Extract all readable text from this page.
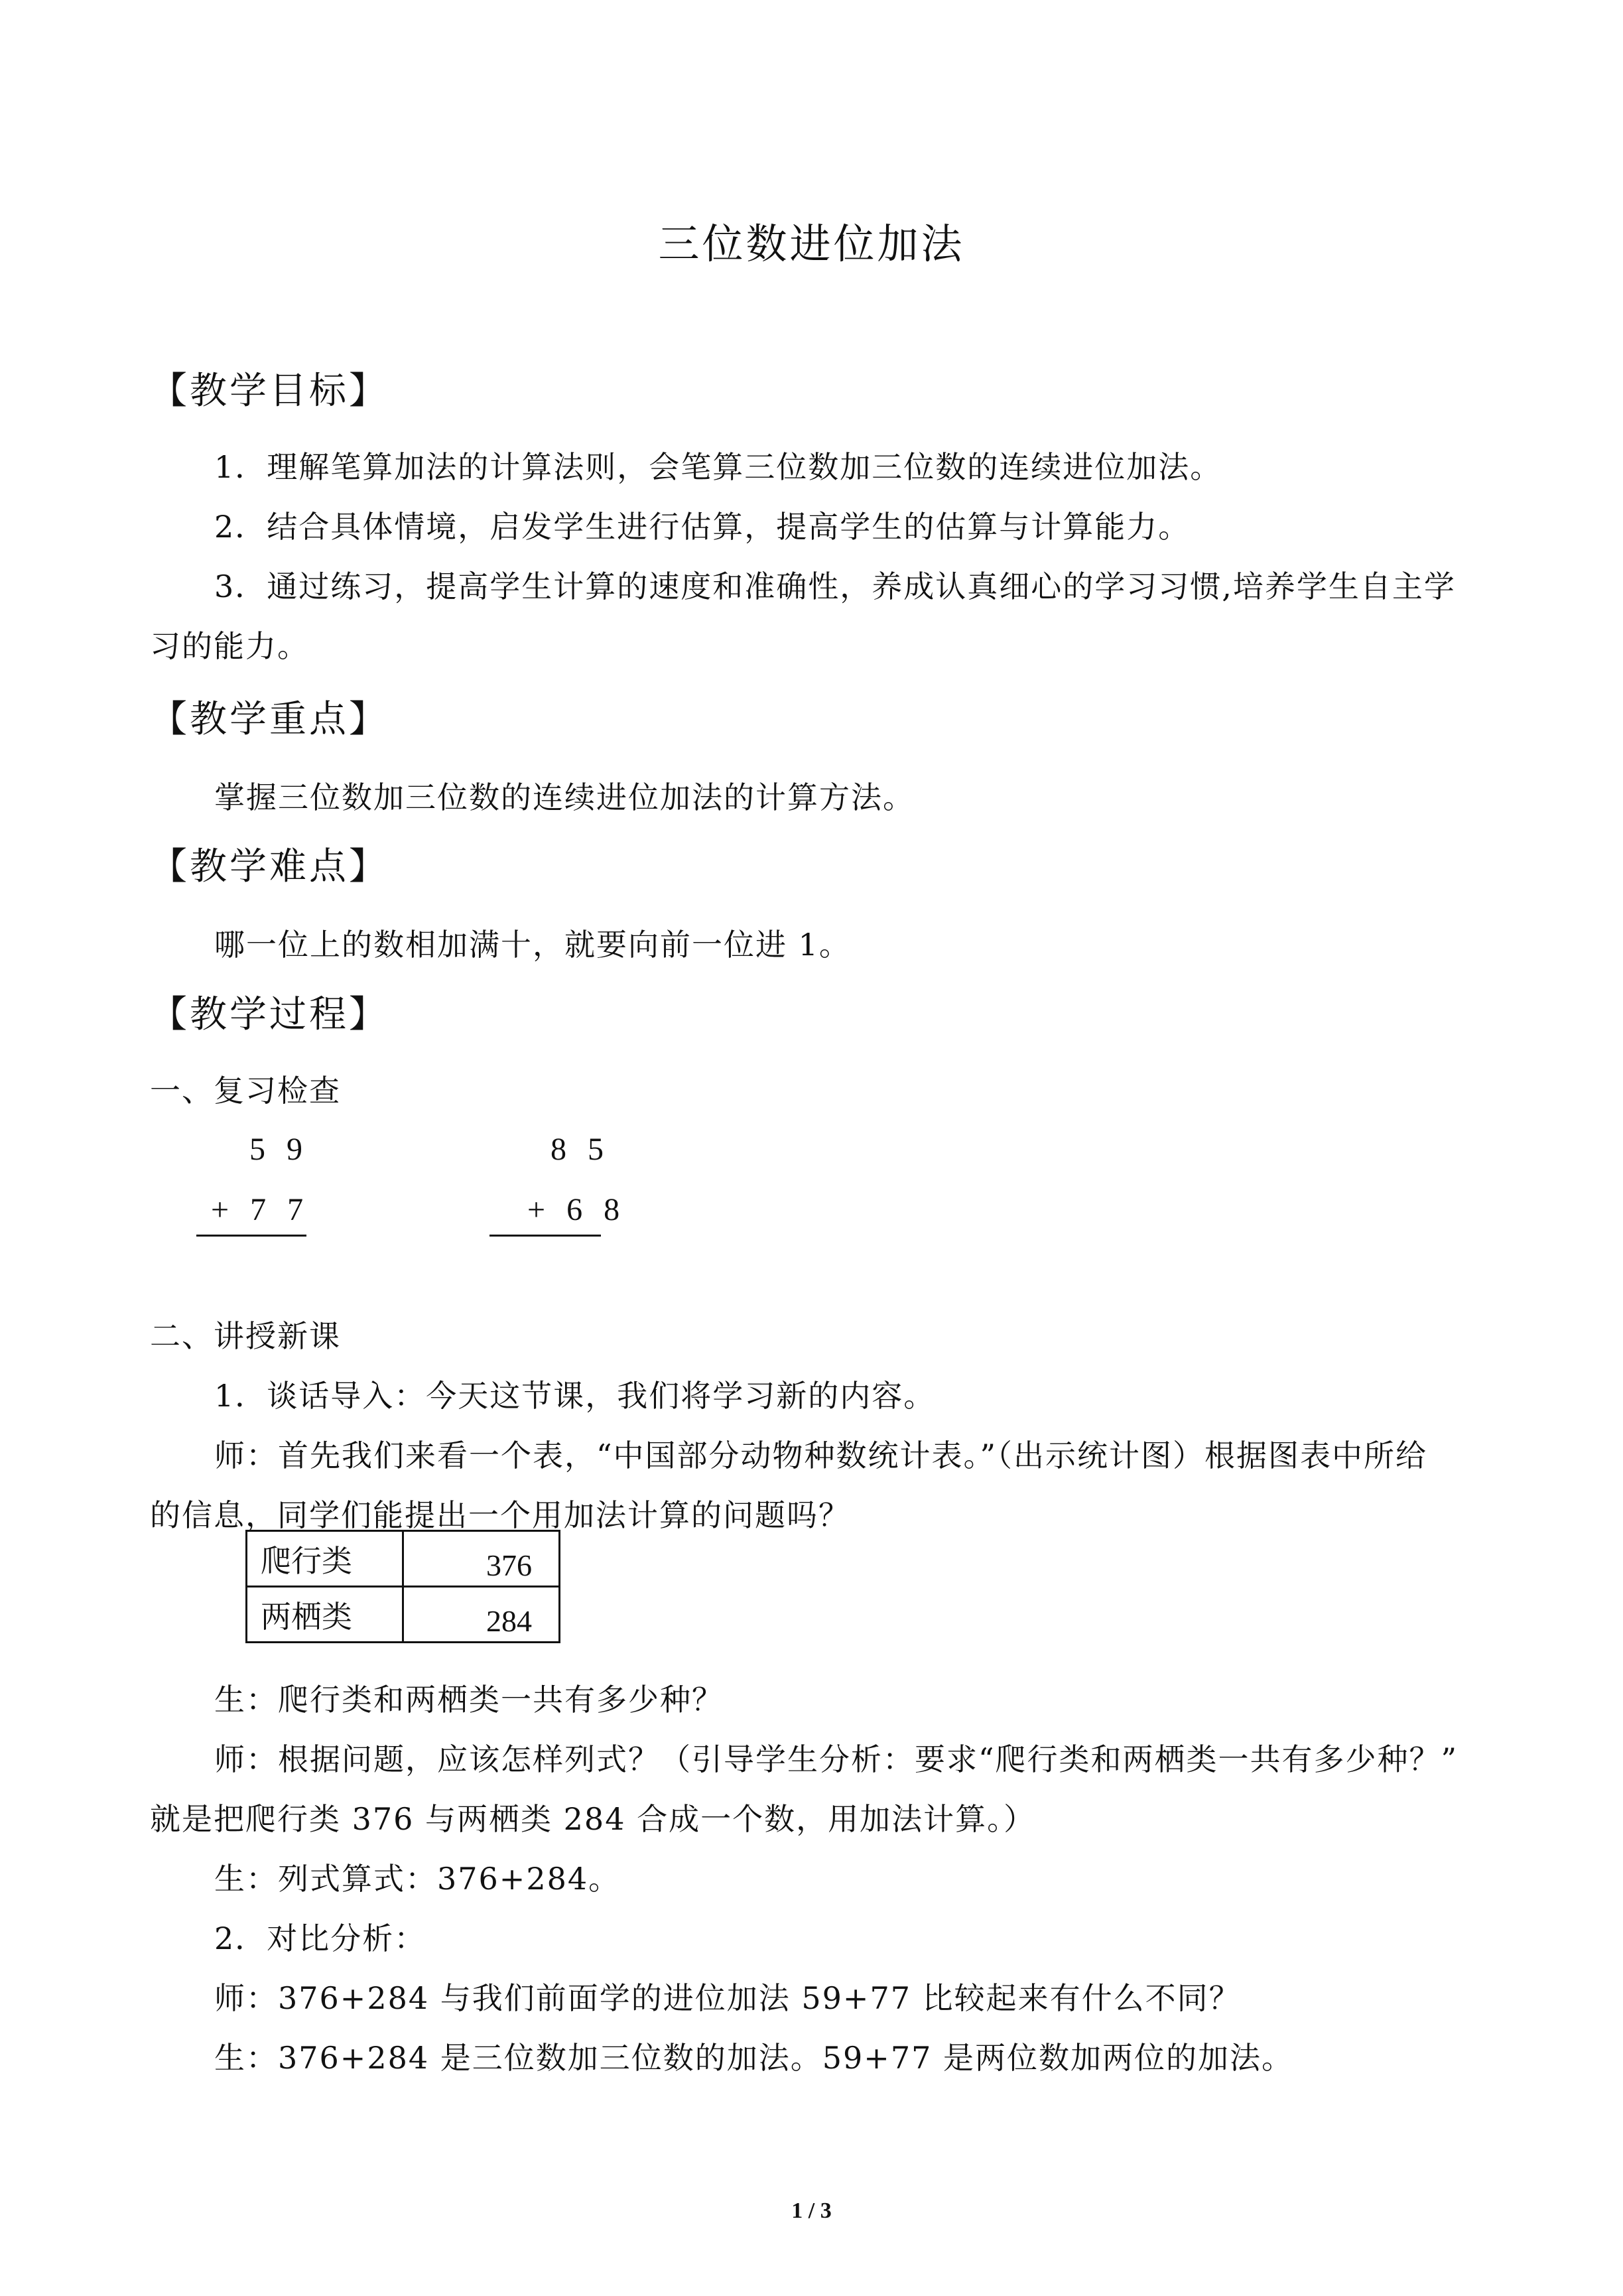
三位数进位加法
【教学目标】
1．理解笔算加法的计算法则，会笔算三位数加三位数的连续进位加法。
2．结合具体情境，启发学生进行估算，提高学生的估算与计算能力。
3．通过练习，提高学生计算的速度和准确性，养成认真细心的学习习惯,培养学生自主学
习的能力。
【教学重点】
掌握三位数加三位数的连续进位加法的计算方法。
【教学难点】
哪一位上的数相加满十，就要向前一位进 1。
【教学过程】
一、复习检查
5 9
+ 7 7
8 5
+ 6 8
二、讲授新课
1．谈话导入：今天这节课，我们将学习新的内容。
师：首先我们来看一个表，“中国部分动物种数统计表。”（出示统计图）根据图表中所给
的信息，同学们能提出一个用加法计算的问题吗？
爬行类	376
两栖类	284
生：爬行类和两栖类一共有多少种？
师：根据问题，应该怎样列式？（引导学生分析：要求“爬行类和两栖类一共有多少种？”
就是把爬行类 376 与两栖类 284 合成一个数，用加法计算。）
生：列式算式：376+284。
2．对比分析：
师：376+284 与我们前面学的进位加法 59+77 比较起来有什么不同？
生：376+284 是三位数加三位数的加法。59+77 是两位数加两位的加法。
1 / 3
